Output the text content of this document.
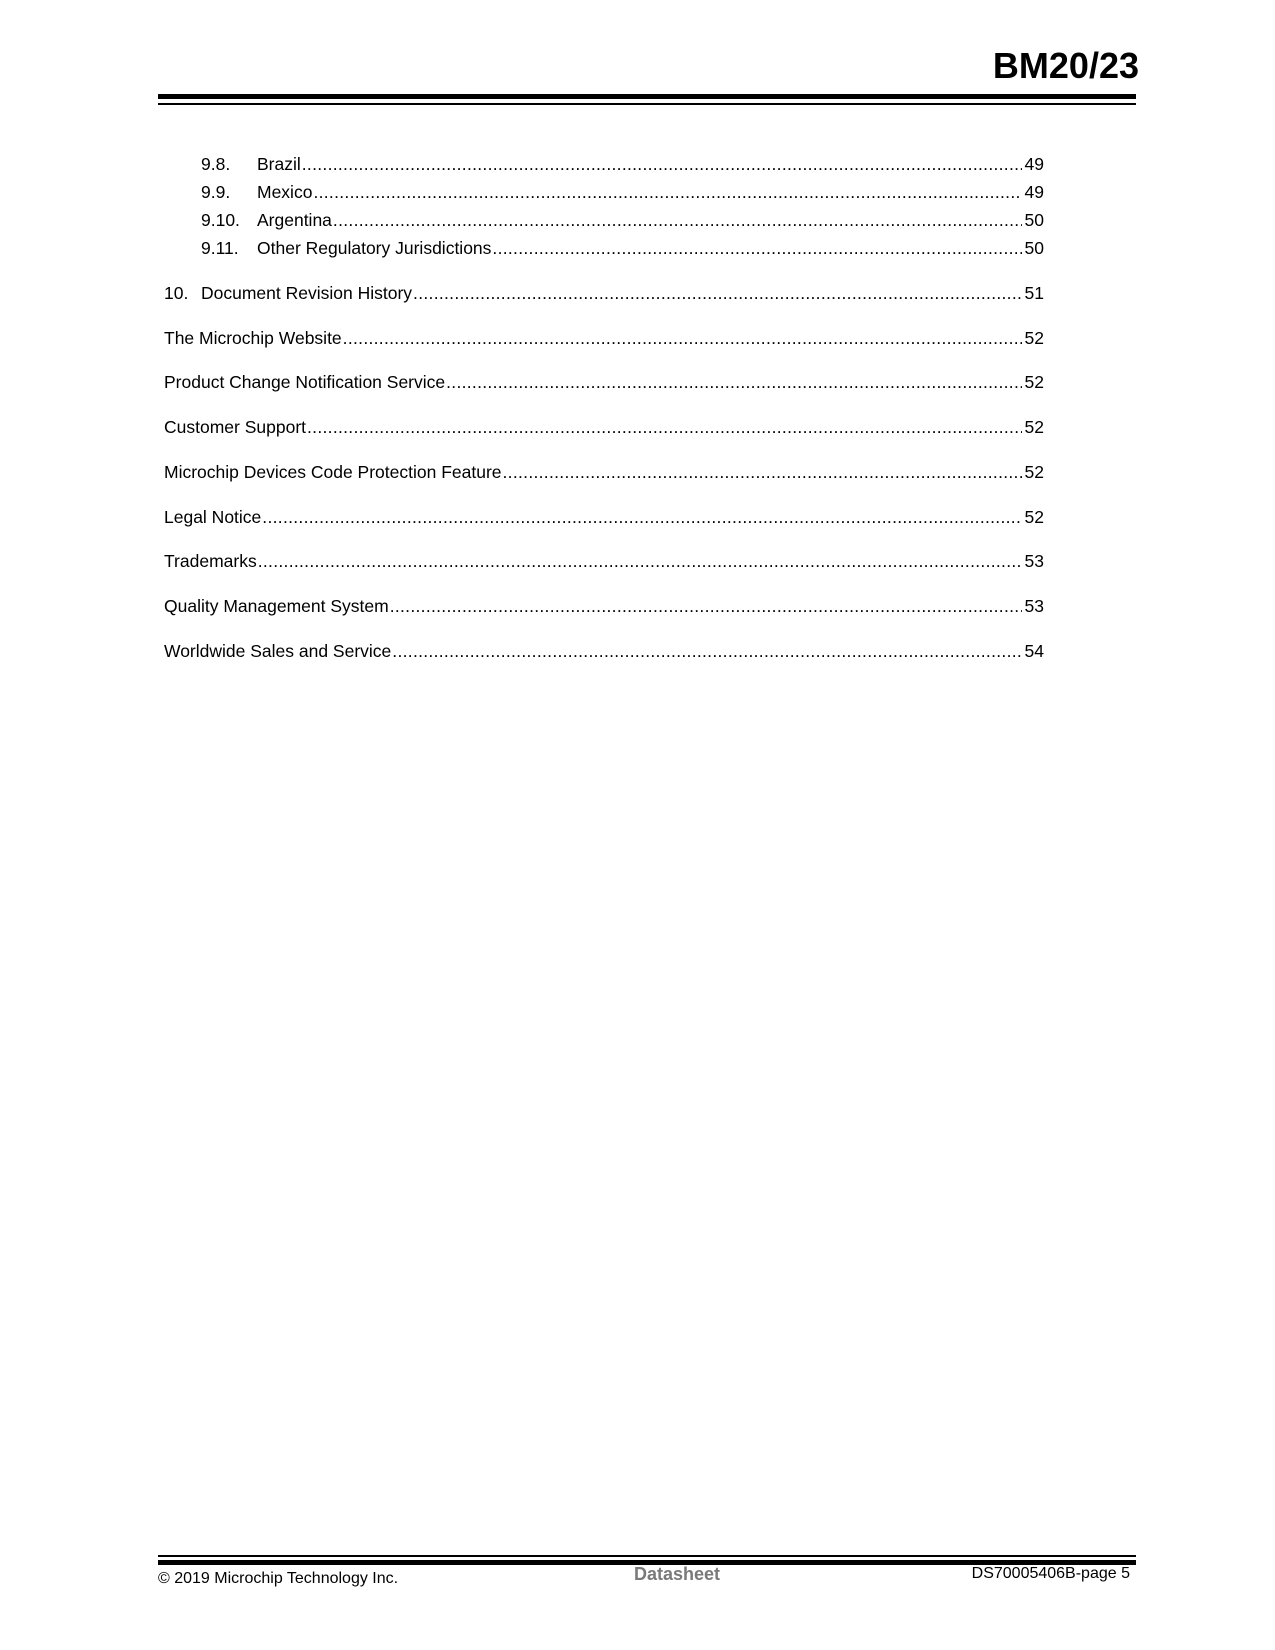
BM20/23
9.8.	Brazil .....	49
9.9.	Mexico .....	49
9.10. Argentina .....	50
9.11.	Other Regulatory Jurisdictions .....	50
10. Document Revision History .....	51
The Microchip Website .....	52
Product Change Notification Service .....	52
Customer Support .....	52
Microchip Devices Code Protection Feature .....	52
Legal Notice .....	52
Trademarks .....	53
Quality Management System .....	53
Worldwide Sales and Service .....	54
© 2019 Microchip Technology Inc.	Datasheet	DS70005406B-page 5
